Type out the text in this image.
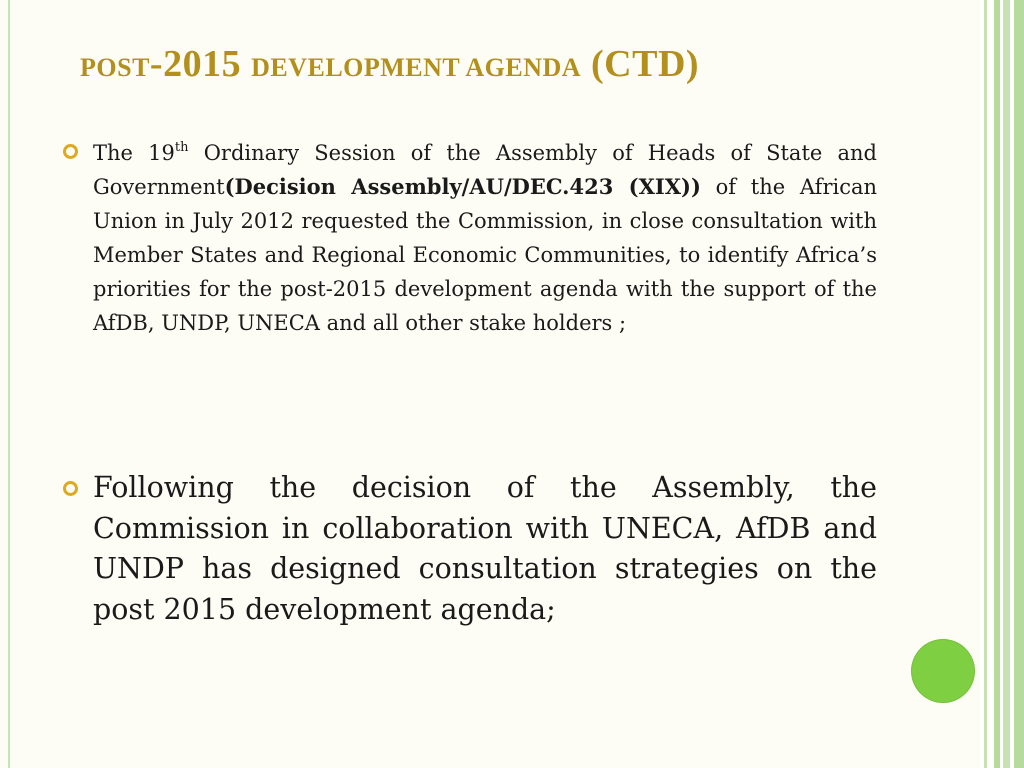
POST-2015 DEVELOPMENT AGENDA (CTD)
The 19th Ordinary Session of the Assembly of Heads of State and Government(Decision Assembly/AU/DEC.423 (XIX)) of the African Union in July 2012 requested the Commission, in close consultation with Member States and Regional Economic Communities, to identify Africa’s priorities for the post-2015 development agenda with the support of the AfDB, UNDP, UNECA and all other stake holders ;
Following the decision of the Assembly, the Commission in collaboration with UNECA, AfDB and UNDP has designed consultation strategies on the post 2015 development agenda;
